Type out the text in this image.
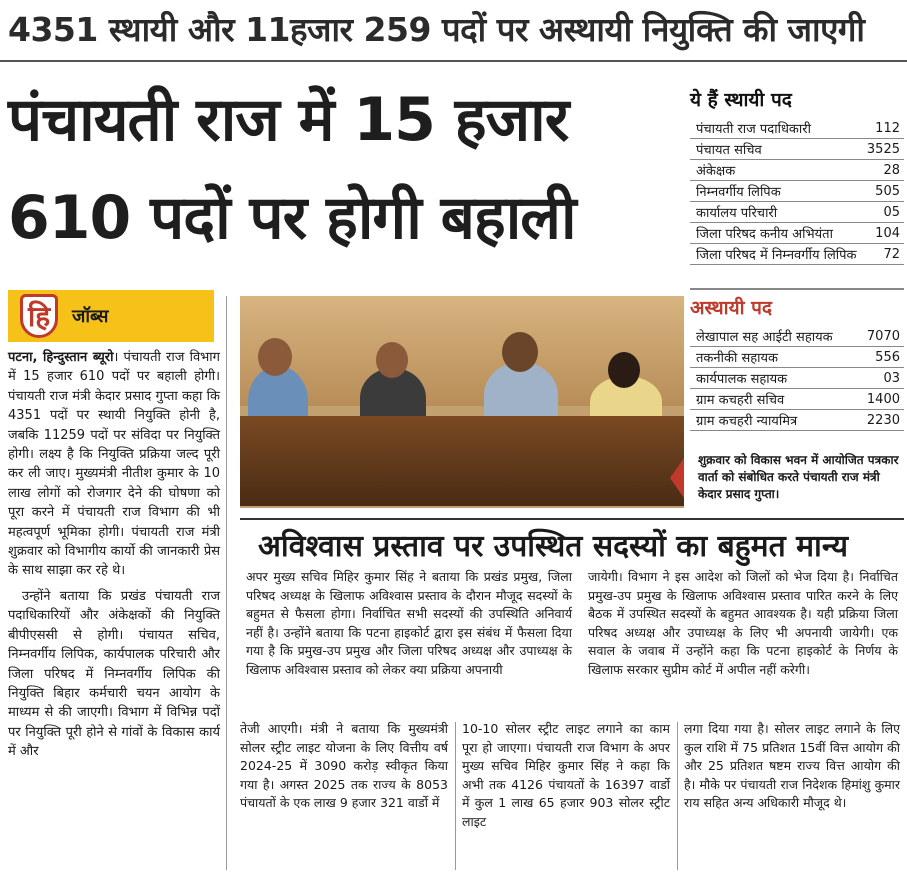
4351 स्थायी और 11हजार 259 पदों पर अस्थायी नियुक्ति की जाएगी
पंचायती राज में 15 हजार
610 पदों पर होगी बहाली
ये हैं स्थायी पद
पंचायती राज पदाधिकारी	112
पंचायत सचिव	3525
अंकेक्षक	28
निम्नवर्गीय लिपिक	505
कार्यालय परिचारी	05
जिला परिषद कनीय अभियंता	104
जिला परिषद में निम्नवर्गीय लिपिक 72
अस्थायी पद
लेखापाल सह आईटी सहायक	7070
तकनीकी सहायक	556
कार्यपालक सहायक	03
ग्राम कचहरी सचिव	1400
ग्राम कचहरी न्यायमित्र	2230
हि	जॉब्स
शुक्रवार को विकास भवन में आयोजित पत्रकार वार्ता को संबोधित करते पंचायती राज मंत्री केदार प्रसाद गुप्ता।

पटना, हिन्दुस्तान ब्यूरो। पंचायती राज विभाग में 15 हजार 610 पदों पर बहाली होगी। पंचायती राज मंत्री केदार प्रसाद गुप्ता कहा कि 4351 पदों पर स्थायी नियुक्ति होनी है, जबकि 11259 पदों पर संविदा पर नियुक्ति होगी। लक्ष्य है कि नियुक्ति प्रक्रिया जल्द पूरी कर ली जाए। मुख्यमंत्री नीतीश कुमार के 10 लाख लोगों को रोजगार देने की घोषणा को पूरा करने में पंचायती राज विभाग की भी महत्वपूर्ण भूमिका होगी। पंचायती राज मंत्री शुक्रवार को विभागीय कार्यो की जानकारी प्रेस के साथ साझा कर रहे थे।

उन्होंने बताया कि प्रखंड पंचायती राज पदाधिकारियों और अंकेक्षकों की नियुक्ति बीपीएससी से होगी। पंचायत सचिव, निम्नवर्गीय लिपिक, कार्यपालक परिचारी और जिला परिषद में निम्नवर्गीय लिपिक की नियुक्ति बिहार कर्मचारी चयन आयोग के माध्यम से की जाएगी। विभाग में विभिन्न पदों पर नियुक्ति पूरी होने से गांवों के विकास कार्य में और

अविश्वास प्रस्ताव पर उपस्थित सदस्यों का बहुमत मान्य
अपर मुख्य सचिव मिहिर कुमार सिंह ने बताया कि प्रखंड प्रमुख, जिला परिषद अध्यक्ष के खिलाफ अविश्वास प्रस्ताव के दौरान मौजूद सदस्यों के बहुमत से फैसला होगा। निर्वाचित सभी सदस्यों की उपस्थिति अनिवार्य नहीं है। उन्होंने बताया कि पटना हाइकोर्ट द्वारा इस संबंध में फैसला दिया गया है कि प्रमुख-उप प्रमुख और जिला परिषद अध्यक्ष और उपाध्यक्ष के खिलाफ अविश्वास प्रस्ताव को लेकर क्या प्रक्रिया अपनायी
जायेगी। विभाग ने इस आदेश को जिलों को भेज दिया है। निर्वाचित प्रमुख-उप प्रमुख के खिलाफ अविश्वास प्रस्ताव पारित करने के लिए बैठक में उपस्थित सदस्यों के बहुमत आवश्यक है। यही प्रक्रिया जिला परिषद अध्यक्ष और उपाध्यक्ष के लिए भी अपनायी जायेगी। एक सवाल के जवाब में उन्होंने कहा कि पटना हाइकोर्ट के निर्णय के खिलाफ सरकार सुप्रीम कोर्ट में अपील नहीं करेगी।
तेजी आएगी। मंत्री ने बताया कि मुख्यमंत्री सोलर स्ट्रीट लाइट योजना के लिए वित्तीय वर्ष 2024-25 में 3090 करोड़ स्वीकृत किया गया है। अगस्त 2025 तक राज्य के 8053 पंचायतों के एक लाख 9 हजार 321 वार्डो में
10-10 सोलर स्ट्रीट लाइट लगाने का काम पूरा हो जाएगा। पंचायती राज विभाग के अपर मुख्य सचिव मिहिर कुमार सिंह ने कहा कि अभी तक 4126 पंचायतों के 16397 वार्डो में कुल 1 लाख 65 हजार 903 सोलर स्ट्रीट लाइट
लगा दिया गया है। सोलर लाइट लगाने के लिए कुल राशि में 75 प्रतिशत 15वीं वित्त आयोग की और 25 प्रतिशत षष्टम राज्य वित्त आयोग की है। मौके पर पंचायती राज निदेशक हिमांशु कुमार राय सहित अन्य अधिकारी मौजूद थे।
